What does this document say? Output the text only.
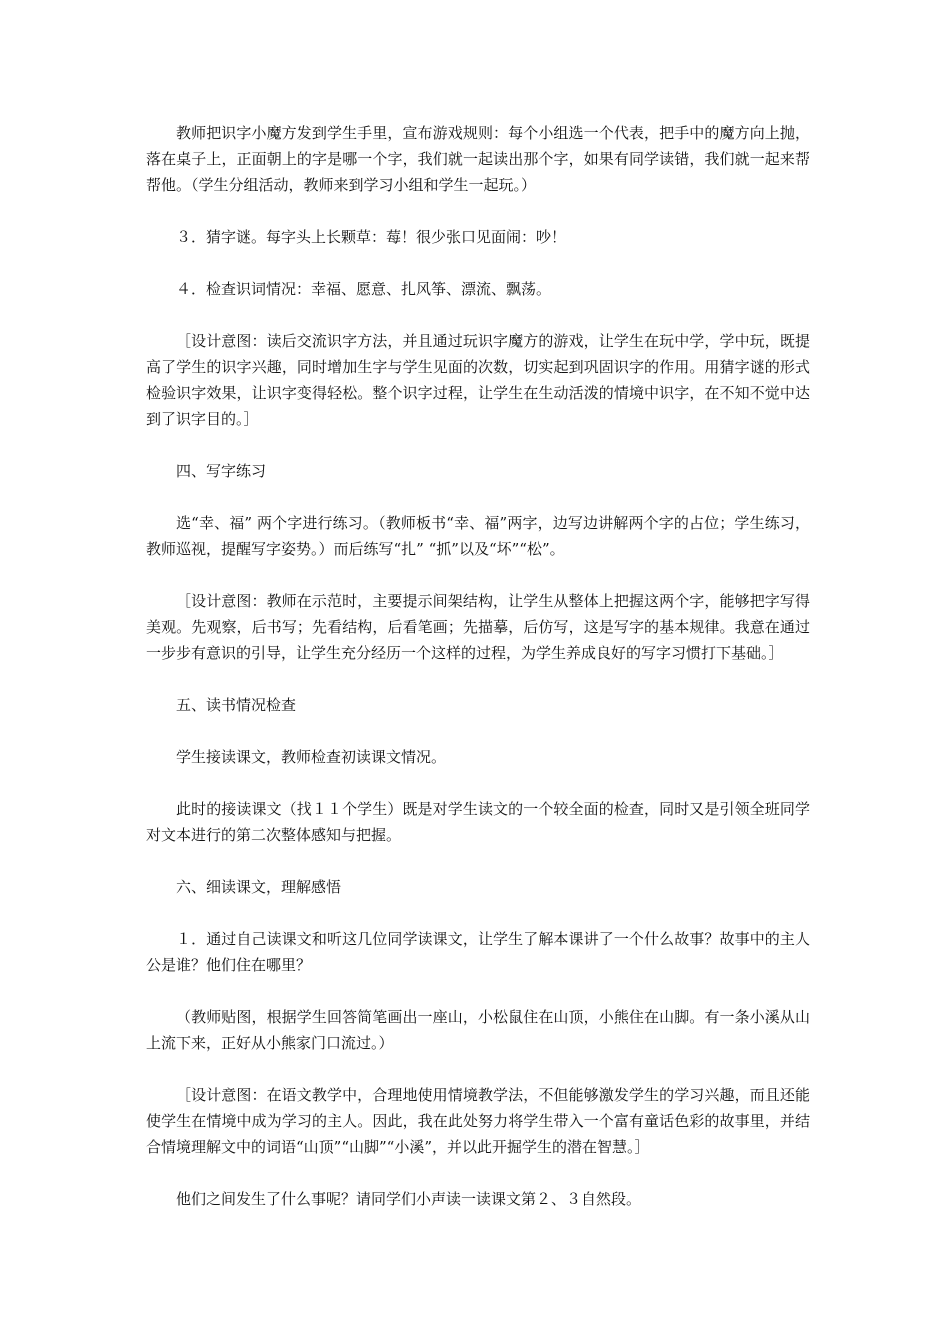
教师把识字小魔方发到学生手里，宣布游戏规则：每个小组选一个代表，把手中的魔方向上抛，落在桌子上，正面朝上的字是哪一个字，我们就一起读出那个字，如果有同学读错，我们就一起来帮帮他。（学生分组活动，教师来到学习小组和学生一起玩。）

３．猜字谜。每字头上长颗草：莓！很少张口见面闹：吵！

４．检查识词情况：幸福、愿意、扎风筝、漂流、飘荡。

［设计意图：读后交流识字方法，并且通过玩识字魔方的游戏，让学生在玩中学，学中玩，既提高了学生的识字兴趣，同时增加生字与学生见面的次数，切实起到巩固识字的作用。用猜字谜的形式检验识字效果，让识字变得轻松。整个识字过程，让学生在生动活泼的情境中识字，在不知不觉中达到了识字目的。］

四、写字练习

选“幸、福” 两个字进行练习。（教师板书“幸、福”两字，边写边讲解两个字的占位；学生练习，教师巡视，提醒写字姿势。）而后练写“扎” “抓”以及“坏”“松”。

［设计意图：教师在示范时，主要提示间架结构，让学生从整体上把握这两个字，能够把字写得美观。先观察，后书写；先看结构，后看笔画；先描摹，后仿写，这是写字的基本规律。我意在通过一步步有意识的引导，让学生充分经历一个这样的过程，为学生养成良好的写字习惯打下基础。］

五、读书情况检查

学生接读课文，教师检查初读课文情况。

此时的接读课文（找１１个学生）既是对学生读文的一个较全面的检查，同时又是引领全班同学对文本进行的第二次整体感知与把握。

六、细读课文，理解感悟

１．通过自己读课文和听这几位同学读课文，让学生了解本课讲了一个什么故事？故事中的主人公是谁？他们住在哪里？

（教师贴图，根据学生回答简笔画出一座山，小松鼠住在山顶，小熊住在山脚。有一条小溪从山上流下来，正好从小熊家门口流过。）

［设计意图：在语文教学中，合理地使用情境教学法，不但能够激发学生的学习兴趣，而且还能使学生在情境中成为学习的主人。因此，我在此处努力将学生带入一个富有童话色彩的故事里，并结合情境理解文中的词语“山顶”“山脚”“小溪”，并以此开掘学生的潜在智慧。］

他们之间发生了什么事呢？请同学们小声读一读课文第２、３自然段。
